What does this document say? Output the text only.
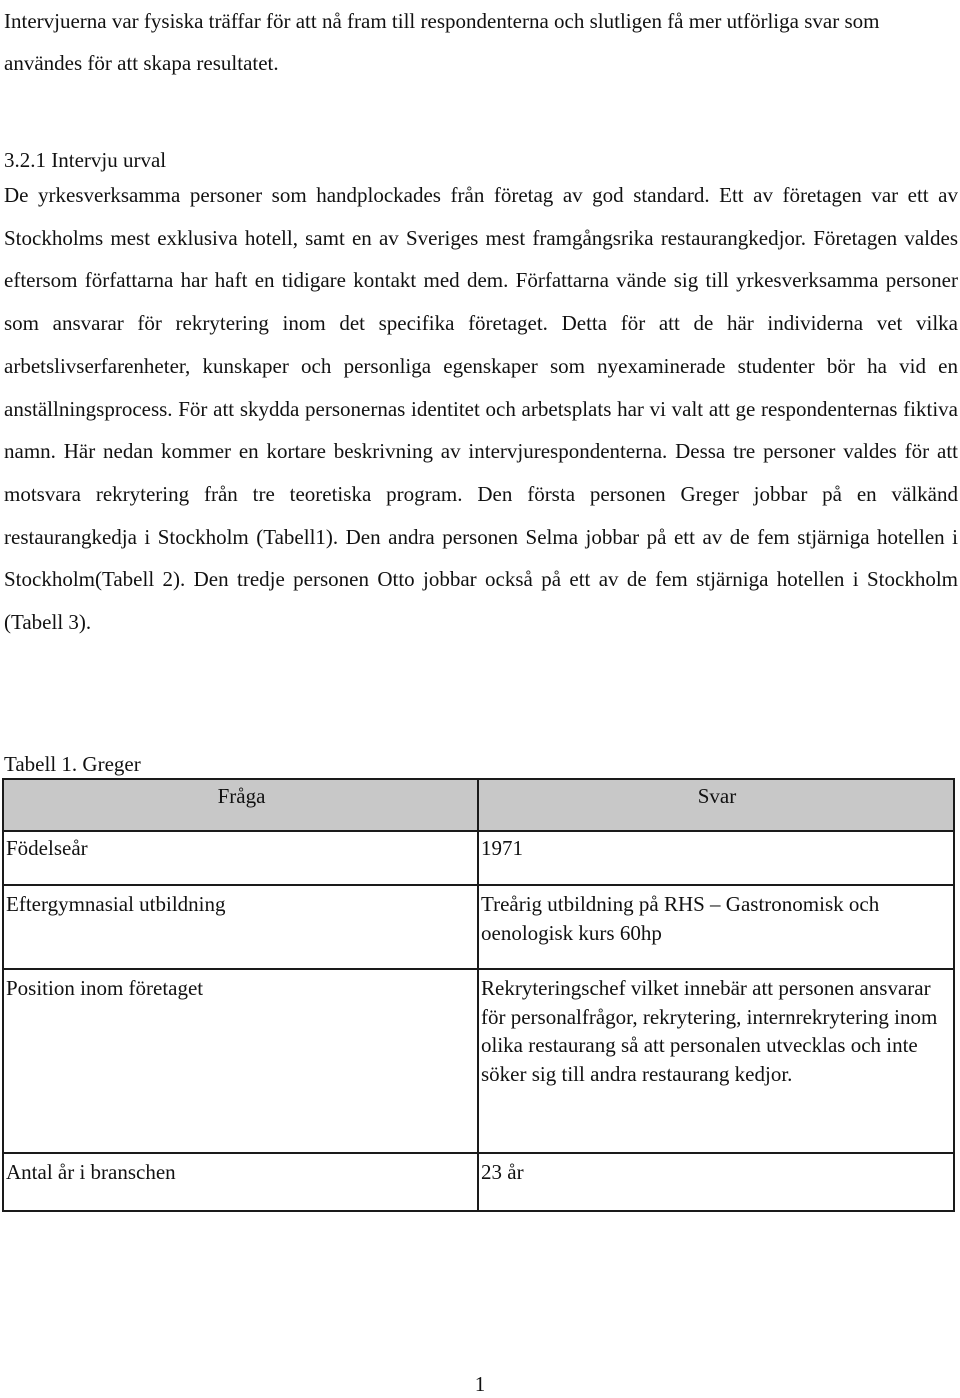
Intervjuerna var fysiska träffar för att nå fram till respondenterna och slutligen få mer utförliga svar som användes för att skapa resultatet.

3.2.1 Intervju urval

De yrkesverksamma personer som handplockades från företag av god standard. Ett av företagen var ett av Stockholms mest exklusiva hotell, samt en av Sveriges mest framgångsrika restaurangkedjor. Företagen valdes eftersom författarna har haft en tidigare kontakt med dem. Författarna vände sig till yrkesverksamma personer som ansvarar för rekrytering inom det specifika företaget. Detta för att de här individerna vet vilka arbetslivserfarenheter, kunskaper och personliga egenskaper som nyexaminerade studenter bör ha vid en anställningsprocess. För att skydda personernas identitet och arbetsplats har vi valt att ge respondenternas fiktiva namn. Här nedan kommer en kortare beskrivning av intervjurespondenterna. Dessa tre personer valdes för att motsvara rekrytering från tre teoretiska program. Den första personen Greger jobbar på en välkänd restaurangkedja i Stockholm (Tabell1). Den andra personen Selma jobbar på ett av de fem stjärniga hotellen i Stockholm(Tabell 2). Den tredje personen Otto jobbar också på ett av de fem stjärniga hotellen i Stockholm (Tabell 3).

Tabell 1. Greger

Fråga	Svar
Födelseår	1971
Eftergymnasial utbildning	Treårig utbildning på RHS – Gastronomisk och oenologisk kurs 60hp
Position inom företaget	Rekryteringschef vilket innebär att personen ansvarar för personalfrågor, rekrytering, internrekrytering inom olika restaurang så att personalen utvecklas och inte söker sig till andra restaurang kedjor.
Antal år i branschen	23 år
1
